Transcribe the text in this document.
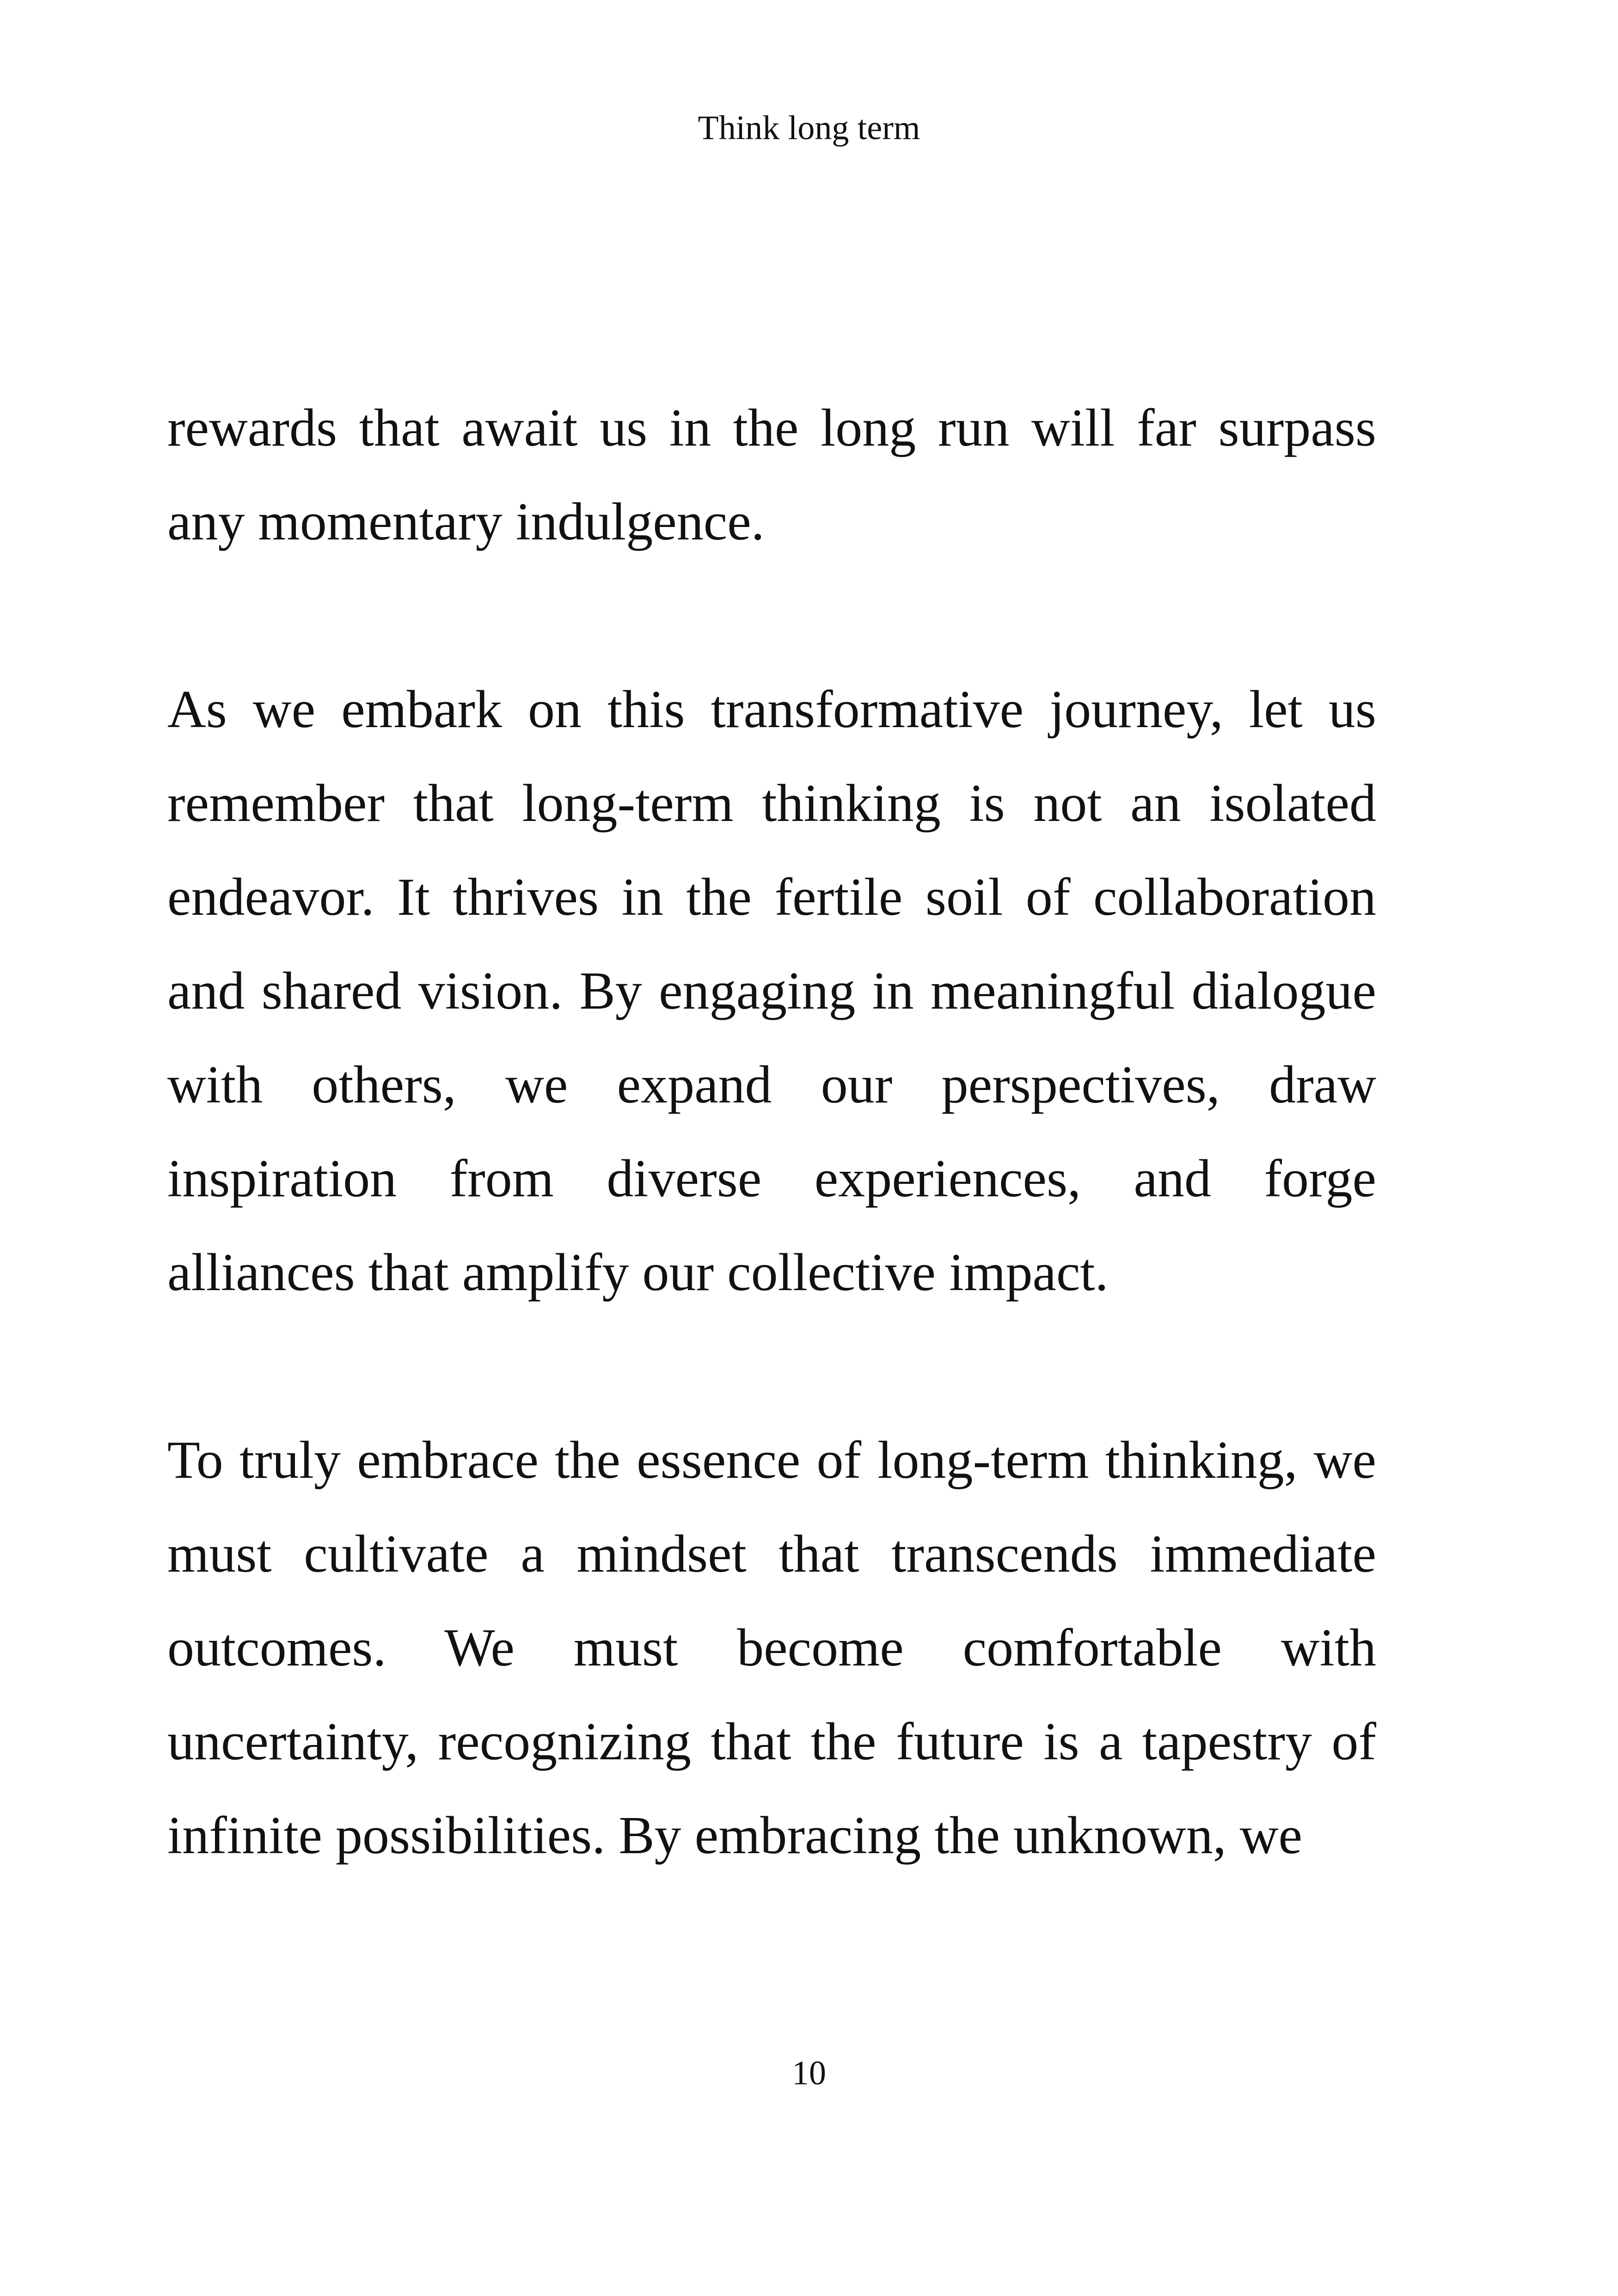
Think long term

rewards that await us in the long run will far surpass any momentary indulgence.

As we embark on this transformative journey, let us remember that long-term thinking is not an isolated endeavor. It thrives in the fertile soil of collaboration and shared vision. By engaging in meaningful dialogue with others, we expand our perspectives, draw inspiration from diverse experiences, and forge alliances that amplify our collective impact.

To truly embrace the essence of long-term thinking, we must cultivate a mindset that transcends immediate outcomes. We must become comfortable with uncertainty, recognizing that the future is a tapestry of infinite possibilities. By embracing the unknown, we

10
